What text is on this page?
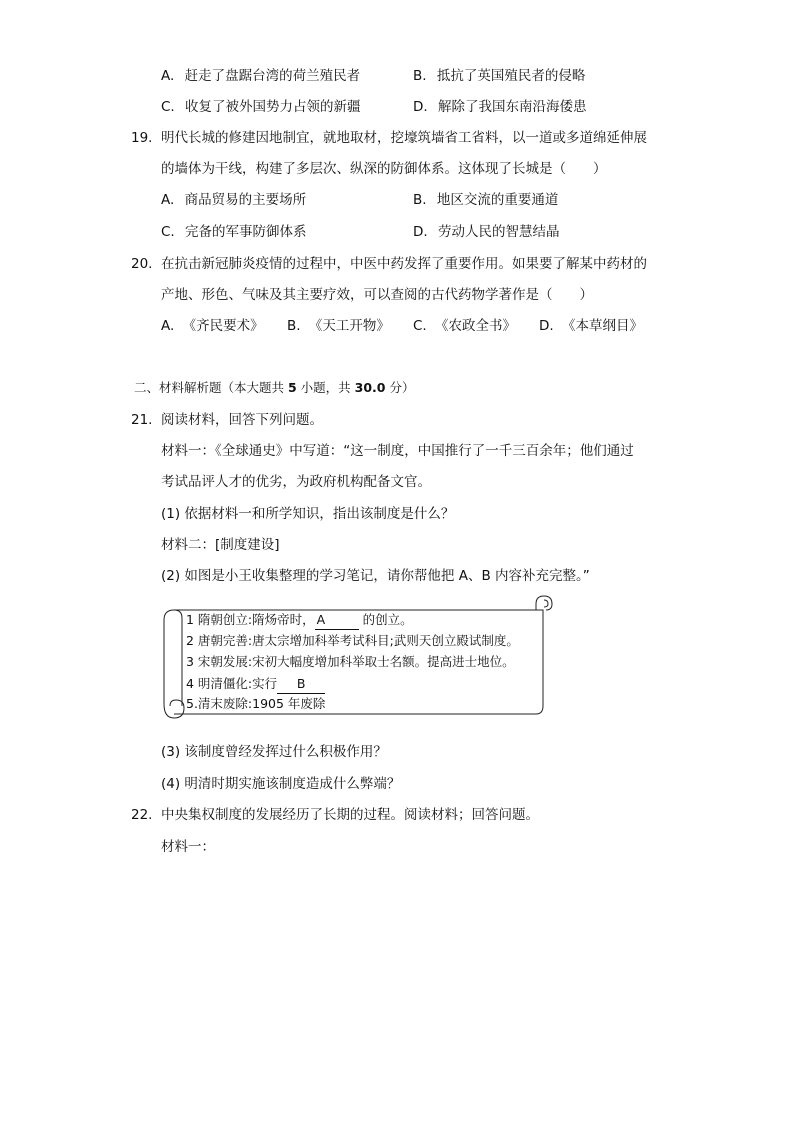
A. 赶走了盘踞台湾的荷兰殖民者	B. 抵抗了英国殖民者的侵略
C. 收复了被外国势力占领的新疆	D. 解除了我国东南沿海倭患
19. 明代长城的修建因地制宜，就地取材，挖壕筑墙省工省料，以一道或多道绵延伸展
的墙体为干线，构建了多层次、纵深的防御体系。这体现了长城是（　　）
A. 商品贸易的主要场所	B. 地区交流的重要通道
C. 完备的军事防御体系	D. 劳动人民的智慧结晶
20. 在抗击新冠肺炎疫情的过程中，中医中药发挥了重要作用。如果要了解某中药材的
产地、形色、气味及其主要疗效，可以查阅的古代药物学著作是（　　）
A. 《齐民要术》 B. 《天工开物》 C. 《农政全书》 D. 《本草纲目》
二、材料解析题（本大题共 5 小题，共 30.0 分）
21. 阅读材料，回答下列问题。
材料一：《全球通史》中写道：“这一制度，中国推行了一千三百余年；他们通过
考试品评人才的优劣，为政府机构配备文官。
(1) 依据材料一和所学知识，指出该制度是什么？
材料二：[制度建设]
(2) 如图是小王收集整理的学习笔记，请你帮他把 A、B 内容补充完整。”
1 隋朝创立:隋炀帝时， A	的创立。
2 唐朝完善:唐太宗增加科举考试科目;武则天创立殿试制度。
3 宋朝发展:宋初大幅度增加科举取士名额。提高进士地位。
4 明清僵化:实行 B
5.清末废除:1905 年废除
(3) 该制度曾经发挥过什么积极作用？
(4) 明清时期实施该制度造成什么弊端？
22. 中央集权制度的发展经历了长期的过程。阅读材料；回答问题。
材料一：
